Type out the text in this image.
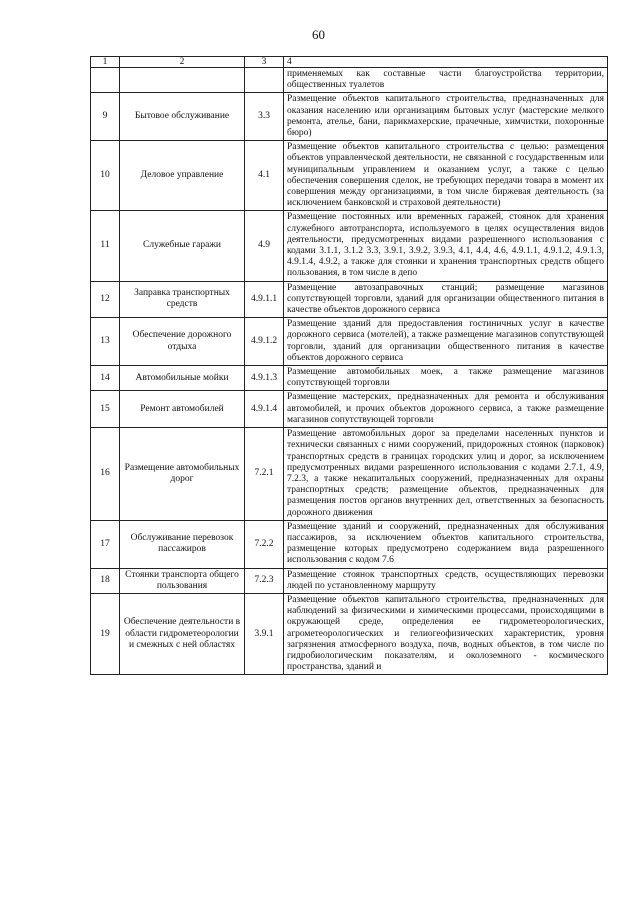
60
1	2	3	4
			применяемых как составные части благоустройства территории, общественных туалетов
9	Бытовое обслуживание	3.3	Размещение объектов капитального строительства, предназначенных для оказания населению или организациям бытовых услуг (мастерские мелкого ремонта, ателье, бани, парикмахерские, прачечные, химчистки, похоронные бюро)
10	Деловое управление	4.1	Размещение объектов капитального строительства с целью: размещения объектов управленческой деятельности, не связанной с государственным или муниципальным управлением и оказанием услуг, а также с целью обеспечения совершения сделок, не требующих передачи товара в момент их совершения между организациями, в том числе биржевая деятельность (за исключением банковской и страховой деятельности)
11	Служебные гаражи	4.9	Размещение постоянных или временных гаражей, стоянок для хранения служебного автотранспорта, используемого в целях осуществления видов деятельности, предусмотренных видами разрешенного использования с кодами 3.1.1, 3.1.2 3.3, 3.9.1, 3.9.2, 3.9.3, 4.1, 4.4, 4.6, 4.9.1.1, 4.9.1.2, 4.9.1.3, 4.9.1.4, 4.9.2, а также для стоянки и хранения транспортных средств общего пользования, в том числе в депо
12	Заправка транспортных средств	4.9.1.1	Размещение автозаправочных станций; размещение магазинов сопутствующей торговли, зданий для организации общественного питания в качестве объектов дорожного сервиса
13	Обеспечение дорожного отдыха	4.9.1.2	Размещение зданий для предоставления гостиничных услуг в качестве дорожного сервиса (мотелей), а также размещение магазинов сопутствующей торговли, зданий для организации общественного питания в качестве объектов дорожного сервиса
14	Автомобильные мойки	4.9.1.3	Размещение автомобильных моек, а также размещение магазинов сопутствующей торговли
15	Ремонт автомобилей	4.9.1.4	Размещение мастерских, предназначенных для ремонта и обслуживания автомобилей, и прочих объектов дорожного сервиса, а также размещение магазинов сопутствующей торговли
16	Размещение автомобильных дорог	7.2.1	Размещение автомобильных дорог за пределами населенных пунктов и технически связанных с ними сооружений, придорожных стоянок (парковок) транспортных средств в границах городских улиц и дорог, за исключением предусмотренных видами разрешенного использования с кодами 2.7.1, 4.9, 7.2.3, а также некапитальных сооружений, предназначенных для охраны транспортных средств; размещение объектов, предназначенных для размещения постов органов внутренних дел, ответственных за безопасность дорожного движения
17	Обслуживание перевозок пассажиров	7.2.2	Размещение зданий и сооружений, предназначенных для обслуживания пассажиров, за исключением объектов капитального строительства, размещение которых предусмотрено содержанием вида разрешенного использования с кодом 7.6
18	Стоянки транспорта общего пользования	7.2.3	Размещение стоянок транспортных средств, осуществляющих перевозки людей по установленному маршруту
19	Обеспечение деятельности в области гидрометеорологии и смежных с ней областях	3.9.1	Размещение объектов капитального строительства, предназначенных для наблюдений за физическими и химическими процессами, происходящими в окружающей среде, определения ее гидрометеорологических, агрометеорологических и гелиогеофизических характеристик, уровня загрязнения атмосферного воздуха, почв, водных объектов, в том числе по гидробиологическим показателям, и околоземного - космического пространства, зданий и
